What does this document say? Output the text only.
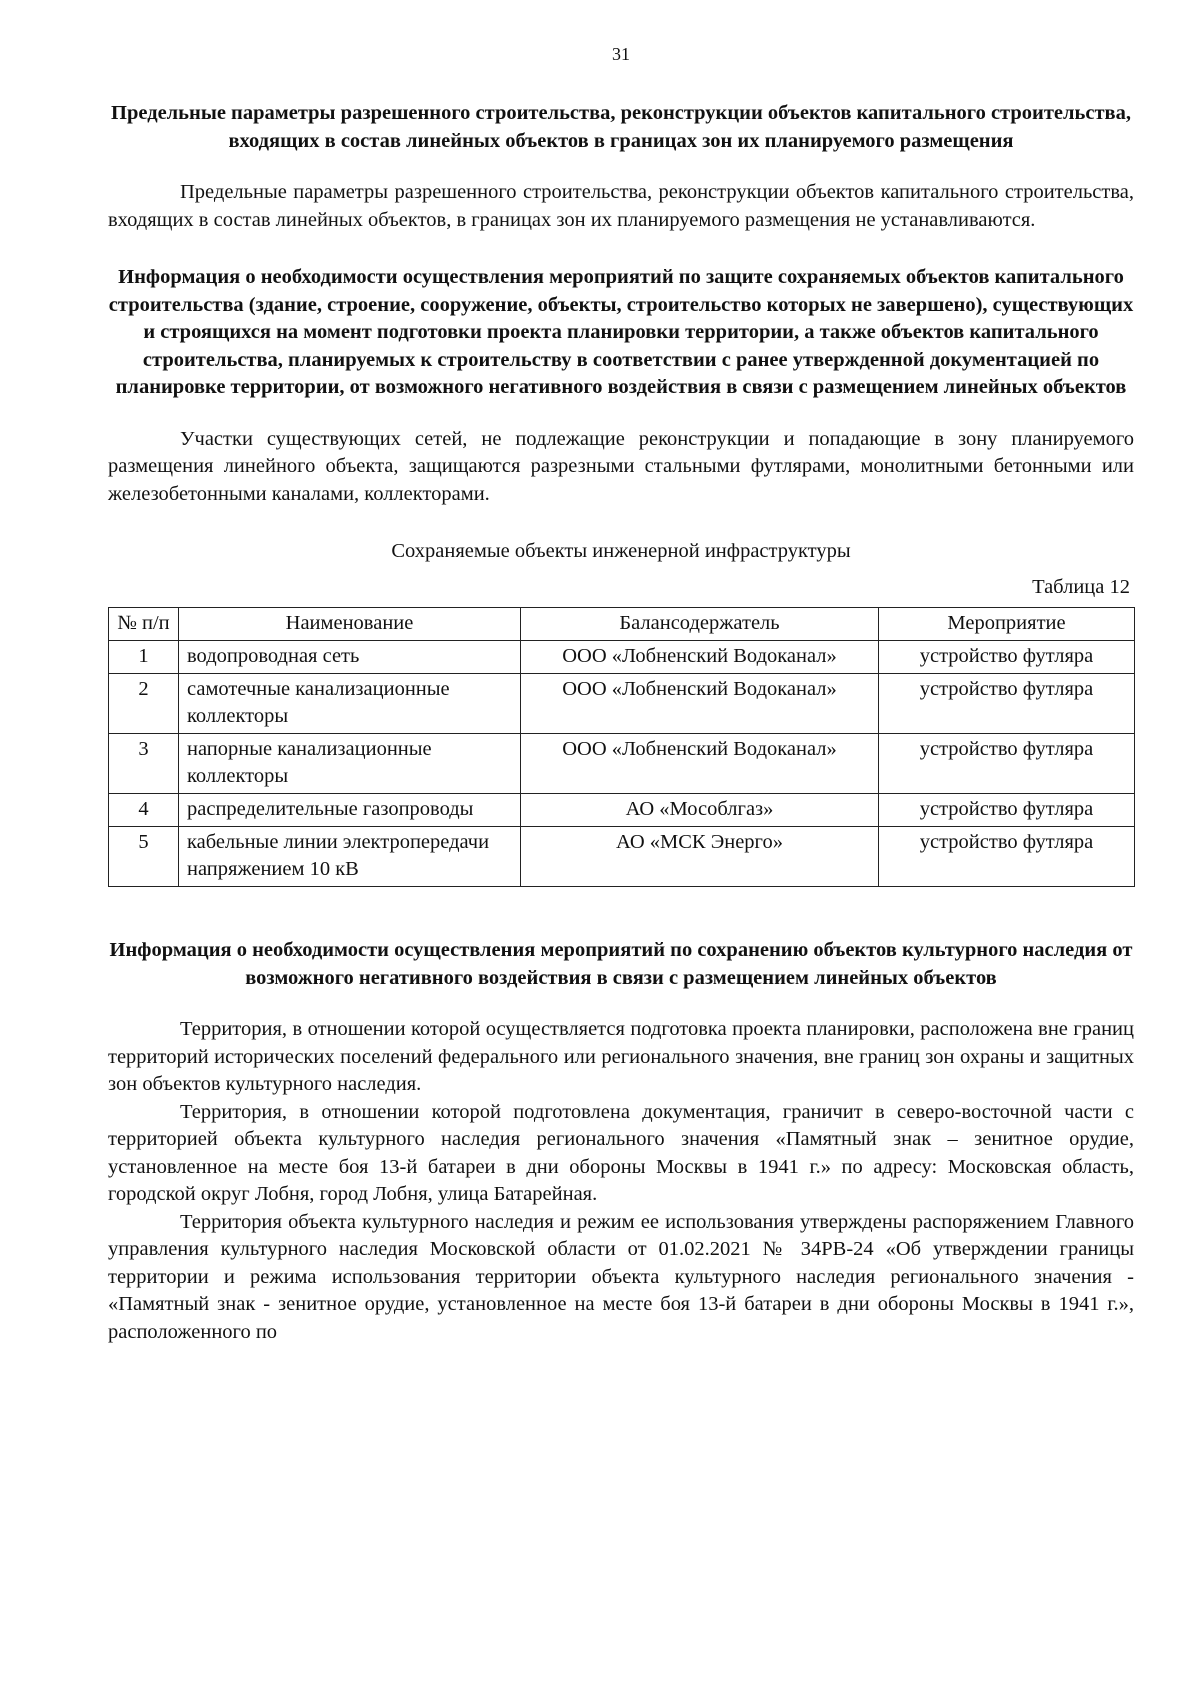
31
Предельные параметры разрешенного строительства, реконструкции объектов капитального строительства, входящих в состав линейных объектов в границах зон их планируемого размещения

Предельные параметры разрешенного строительства, реконструкции объектов капитального строительства, входящих в состав линейных объектов, в границах зон их планируемого размещения не устанавливаются.

Информация о необходимости осуществления мероприятий по защите сохраняемых объектов капитального строительства (здание, строение, сооружение, объекты, строительство которых не завершено), существующих и строящихся на момент подготовки проекта планировки территории, а также объектов капитального строительства, планируемых к строительству в соответствии с ранее утвержденной документацией по планировке территории, от возможного негативного воздействия в связи с размещением линейных объектов

Участки существующих сетей, не подлежащие реконструкции и попадающие в зону планируемого размещения линейного объекта, защищаются разрезными стальными футлярами, монолитными бетонными или железобетонными каналами, коллекторами.

Сохраняемые объекты инженерной инфраструктуры
Таблица 12
№ п/п	Наименование	Балансодержатель	Мероприятие
1	водопроводная сеть	ООО «Лобненский Водоканал»	устройство футляра
2	самотечные канализационные коллекторы	ООО «Лобненский Водоканал»	устройство футляра
3	напорные канализационные коллекторы	ООО «Лобненский Водоканал»	устройство футляра
4	распределительные газопроводы	АО «Мособлгаз»	устройство футляра
5	кабельные линии электропередачи напряжением 10 кВ	АО «МСК Энерго»	устройство футляра
Информация о необходимости осуществления мероприятий по сохранению объектов культурного наследия от возможного негативного воздействия в связи с размещением линейных объектов

Территория, в отношении которой осуществляется подготовка проекта планировки, расположена вне границ территорий исторических поселений федерального или регионального значения, вне границ зон охраны и защитных зон объектов культурного наследия.

Территория, в отношении которой подготовлена документация, граничит в северо-восточной части с территорией объекта культурного наследия регионального значения «Памятный знак – зенитное орудие, установленное на месте боя 13-й батареи в дни обороны Москвы в 1941 г.» по адресу: Московская область, городской округ Лобня, город Лобня, улица Батарейная.

Территория объекта культурного наследия и режим ее использования утверждены распоряжением Главного управления культурного наследия Московской области от 01.02.2021 № 34РВ-24 «Об утверждении границы территории и режима использования территории объекта культурного наследия регионального значения - «Памятный знак - зенитное орудие, установленное на месте боя 13-й батареи в дни обороны Москвы в 1941 г.», расположенного по
